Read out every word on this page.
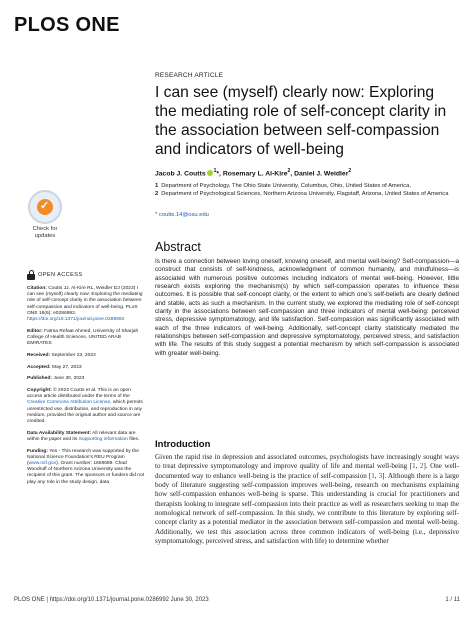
PLOS ONE
RESEARCH ARTICLE
I can see (myself) clearly now: Exploring the mediating role of self-concept clarity in the association between self-compassion and indicators of well-being
Jacob J. Coutts $^1$*, Rosemary L. Al-Kire$^2$, Daniel J. Weidler$^2$
1 Department of Psychology, The Ohio State University, Columbus, Ohio, United States of America,
2 Department of Psychological Sciences, Northern Arizona University, Flagstaff, Arizona, United States of America
* coutts.14@osu.edu
✓
Check for
updates
Abstract
Is there a connection between loving oneself, knowing oneself, and mental well-being? Self-compassion—a construct that consists of self-kindness, acknowledgment of common humanity, and mindfulness—is associated with numerous positive outcomes including indicators of mental well-being. However, little research exists exploring the mechanism(s) by which self-compassion operates to influence these outcomes. It is possible that self-concept clarity, or the extent to which one's self-beliefs are clearly defined and stable, acts as such a mechanism. In the current study, we explored the mediating role of self-concept clarity in the associations between self-compassion and three indicators of mental well-being: perceived stress, depressive symptomatology, and life satisfaction. Self-compassion was significantly associated with each of the three indicators of well-being. Additionally, self-concept clarity statistically mediated the relationships between self-compassion and depressive symptomatology, perceived stress, and satisfaction with life. The results of this study suggest a potential mechanism by which self-compassion is associated with greater well-being.
OPEN ACCESS

Citation: Coutts JJ, Al-Kire RL, Weidler DJ (2023) I can see (myself) clearly now: Exploring the mediating role of self-concept clarity in the association between self-compassion and indicators of well-being. PLoS ONE 18(6): e0286992. https://doi.org/10.1371/journal.pone.0286992

Editor: Fatma Refaat Ahmed, University of Sharjah College of Health Sciences, UNITED ARAB EMIRATES

Received: September 23, 2022

Accepted: May 27, 2023

Published: June 30, 2023

Copyright: © 2023 Coutts et al. This is an open access article distributed under the terms of the Creative Commons Attribution License, which permits unrestricted use, distribution, and reproduction in any medium, provided the original author and source are credited.

Data Availability Statement: All relevant data are within the paper and its Supporting information files.

Funding: Yes - This research was supported by the National Science Foundation's REU Program (www.nsf.gov), Grant number: 1659688. Chad Woodruff of Northern Arizona University was the recipient of this grant. The sponsors or funders did not play any role in the study design, data

Introduction
Given the rapid rise in depression and associated outcomes, psychologists have increasingly sought ways to treat depressive symptomatology and improve quality of life and mental well-being [1, 2]. One well-documented way to enhance well-being is the practice of self-compassion [1, 3]. Although there is a large body of literature suggesting self-compassion improves well-being, research on mechanisms explaining how self-compassion enhances well-being is sparse. This understanding is crucial for practitioners and therapists looking to integrate self-compassion into their practice as well as researchers seeking to map the nomological network of self-compassion. In this study, we contribute to this literature by exploring self-concept clarity as a potential mediator in the association between self-compassion and mental well-being. Additionally, we test this association across three common indicators of well-being (i.e., depressive symptomatology, perceived stress, and satisfaction with life) to determine whether
PLOS ONE | https://doi.org/10.1371/journal.pone.0286992 June 30, 2023	1 / 11
